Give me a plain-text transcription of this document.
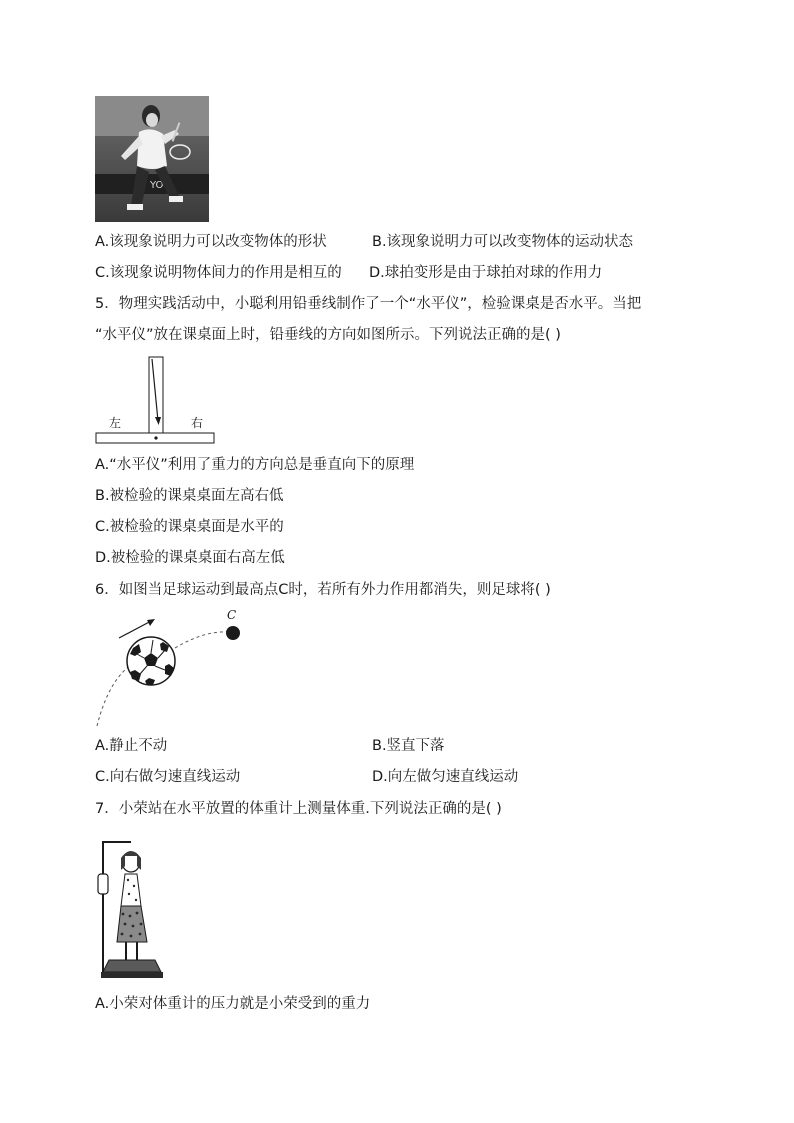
YO
A.该现象说明力可以改变物体的形状	B.该现象说明力可以改变物体的运动状态
C.该现象说明物体间力的作用是相互的 D.球拍变形是由于球拍对球的作用力
5．物理实践活动中，小聪利用铅垂线制作了一个“水平仪”，检验课桌是否水平。当把
“水平仪”放在课桌面上时，铅垂线的方向如图所示。下列说法正确的是( )
左	右
A.“水平仪”利用了重力的方向总是垂直向下的原理
B.被检验的课桌桌面左高右低
C.被检验的课桌桌面是水平的
D.被检验的课桌桌面右高左低
6．如图当足球运动到最高点C时，若所有外力作用都消失，则足球将( )
C
A.静止不动	B.竖直下落
C.向右做匀速直线运动	D.向左做匀速直线运动
7．小荣站在水平放置的体重计上测量体重.下列说法正确的是( )
A.小荣对体重计的压力就是小荣受到的重力
